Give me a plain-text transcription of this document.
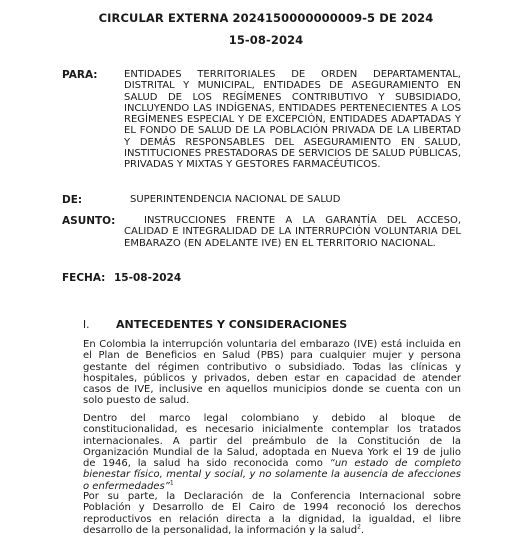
CIRCULAR EXTERNA 2024150000000009-5 DE 2024
15-08-2024
PARA:	ENTIDADES TERRITORIALES DE ORDEN DEPARTAMENTAL, DISTRITAL Y MUNICIPAL, ENTIDADES DE ASEGURAMIENTO EN SALUD DE LOS REGÍMENES CONTRIBUTIVO Y SUBSIDIADO, INCLUYENDO LAS INDÍGENAS, ENTIDADES PERTENECIENTES A LOS REGÍMENES ESPECIAL Y DE EXCEPCIÓN, ENTIDADES ADAPTADAS Y EL FONDO DE SALUD DE LA POBLACIÓN PRIVADA DE LA LIBERTAD Y DEMÁS RESPONSABLES DEL ASEGURAMIENTO EN SALUD, INSTITUCIONES PRESTADORAS DE SERVICIOS DE SALUD PÚBLICAS, PRIVADAS Y MIXTAS Y GESTORES FARMACÉUTICOS.
DE:	SUPERINTENDENCIA NACIONAL DE SALUD
ASUNTO:	INSTRUCCIONES FRENTE A LA GARANTÍA DEL ACCESO, CALIDAD E INTEGRALIDAD DE LA INTERRUPCIÓN VOLUNTARIA DEL EMBARAZO (EN ADELANTE IVE) EN EL TERRITORIO NACIONAL.
FECHA: 15-08-2024
I. ANTECEDENTES Y CONSIDERACIONES

En Colombia la interrupción voluntaria del embarazo (IVE) está incluida en el Plan de Beneficios en Salud (PBS) para cualquier mujer y persona gestante del régimen contributivo o subsidiado. Todas las clínicas y hospitales, públicos y privados, deben estar en capacidad de atender casos de IVE, inclusive en aquellos municipios donde se cuenta con un solo puesto de salud.

Dentro del marco legal colombiano y debido al bloque de constitucionalidad, es necesario inicialmente contemplar los tratados internacionales. A partir del preámbulo de la Constitución de la Organización Mundial de la Salud, adoptada en Nueva York el 19 de julio de 1946, la salud ha sido reconocida como “un estado de completo bienestar físico, mental y social, y no solamente la ausencia de afecciones o enfermedades”$^1$

Por su parte, la Declaración de la Conferencia Internacional sobre Población y Desarrollo de El Cairo de 1994 reconoció los derechos reproductivos en relación directa a la dignidad, la igualdad, el libre desarrollo de la personalidad, la información y la salud$^2$.
